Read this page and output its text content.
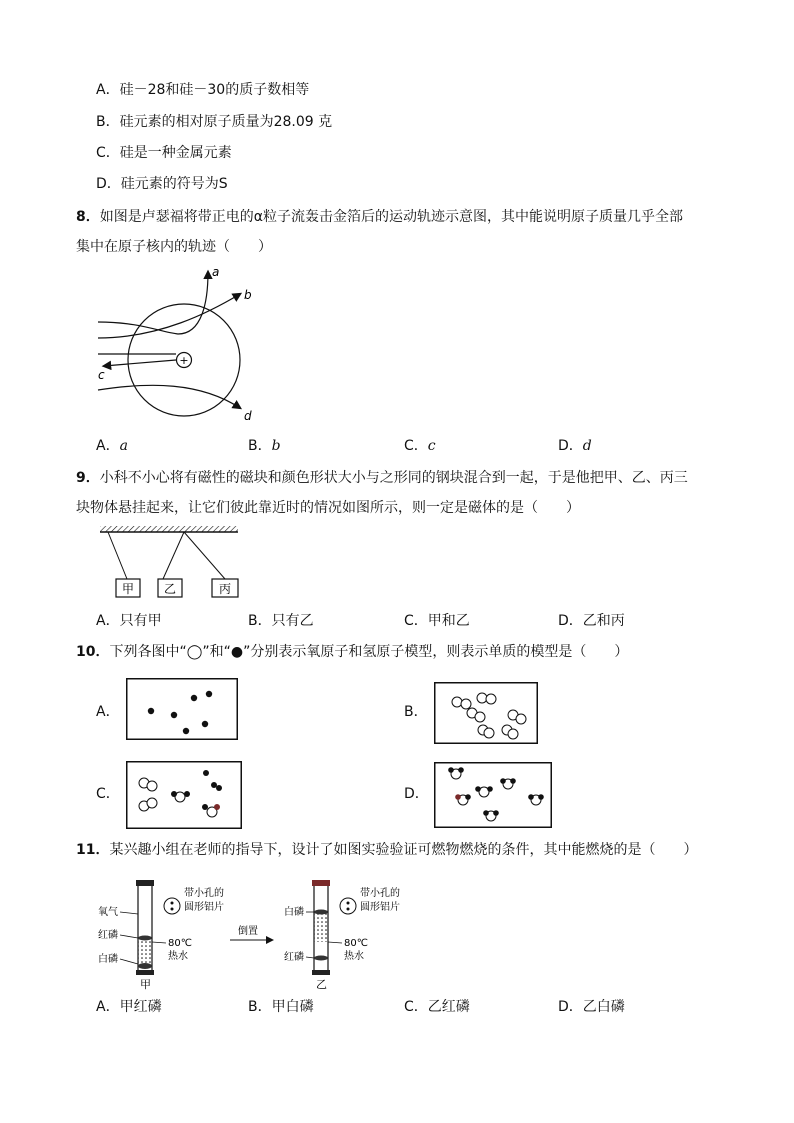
A．硅－28和硅－30的质子数相等
B．硅元素的相对原子质量为28.09 克
C．硅是一种金属元素
D．硅元素的符号为S
8．如图是卢瑟福将带正电的α粒子流轰击金箔后的运动轨迹示意图，其中能说明原子质量几乎全部
集中在原子核内的轨迹（　　）
+
a
b
c
d
A．a	B．b	C．c	D．d
9．小科不小心将有磁性的磁块和颜色形状大小与之形同的钢块混合到一起，于是他把甲、乙、丙三
块物体悬挂起来，让它们彼此靠近时的情况如图所示，则一定是磁体的是（　　）
甲 乙	丙
A．只有甲	B．只有乙	C．甲和乙	D．乙和丙
10．下列各图中“◯”和“●”分别表示氧原子和氢原子模型，则表示单质的模型是（　　）
A．	B．
C．	D．
11．某兴趣小组在老师的指导下，设计了如图实验验证可燃物燃烧的条件，其中能燃烧的是（　　）
氧气
红磷
白磷
带小孔的
圆形铝片
80℃
热水
甲
倒置
白磷
红磷
带小孔的
圆形铝片
80℃
热水
乙
A．甲红磷	B．甲白磷	C．乙红磷	D．乙白磷
